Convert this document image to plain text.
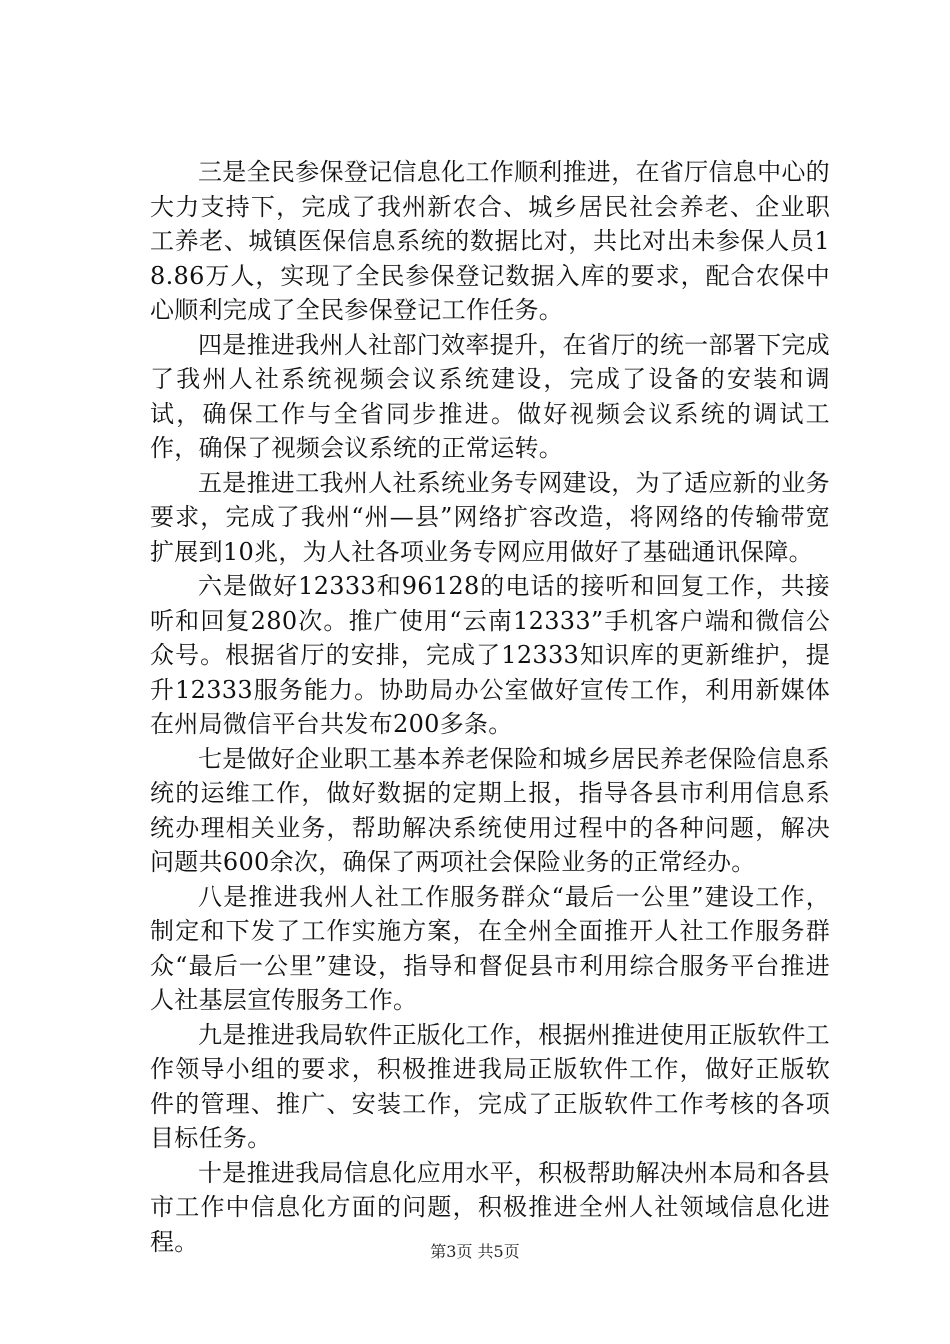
三是全民参保登记信息化工作顺利推进，在省厅信息中心的大力支持下，完成了我州新农合、城乡居民社会养老、企业职工养老、城镇医保信息系统的数据比对，共比对出未参保人员18.86万人，实现了全民参保登记数据入库的要求，配合农保中心顺利完成了全民参保登记工作任务。

四是推进我州人社部门效率提升，在省厅的统一部署下完成了我州人社系统视频会议系统建设，完成了设备的安装和调试，确保工作与全省同步推进。做好视频会议系统的调试工作，确保了视频会议系统的正常运转。

五是推进工我州人社系统业务专网建设，为了适应新的业务要求，完成了我州“州—县”网络扩容改造，将网络的传输带宽扩展到10兆，为人社各项业务专网应用做好了基础通讯保障。

六是做好12333和96128的电话的接听和回复工作，共接听和回复280次。推广使用“云南12333”手机客户端和微信公众号。根据省厅的安排，完成了12333知识库的更新维护，提升12333服务能力。协助局办公室做好宣传工作，利用新媒体在州局微信平台共发布200多条。

七是做好企业职工基本养老保险和城乡居民养老保险信息系统的运维工作，做好数据的定期上报，指导各县市利用信息系统办理相关业务，帮助解决系统使用过程中的各种问题，解决问题共600余次，确保了两项社会保险业务的正常经办。

八是推进我州人社工作服务群众“最后一公里”建设工作，制定和下发了工作实施方案，在全州全面推开人社工作服务群众“最后一公里”建设，指导和督促县市利用综合服务平台推进人社基层宣传服务工作。

九是推进我局软件正版化工作，根据州推进使用正版软件工作领导小组的要求，积极推进我局正版软件工作，做好正版软件的管理、推广、安装工作，完成了正版软件工作考核的各项目标任务。

十是推进我局信息化应用水平，积极帮助解决州本局和各县市工作中信息化方面的问题，积极推进全州人社领域信息化进程。	第3页 共5页
